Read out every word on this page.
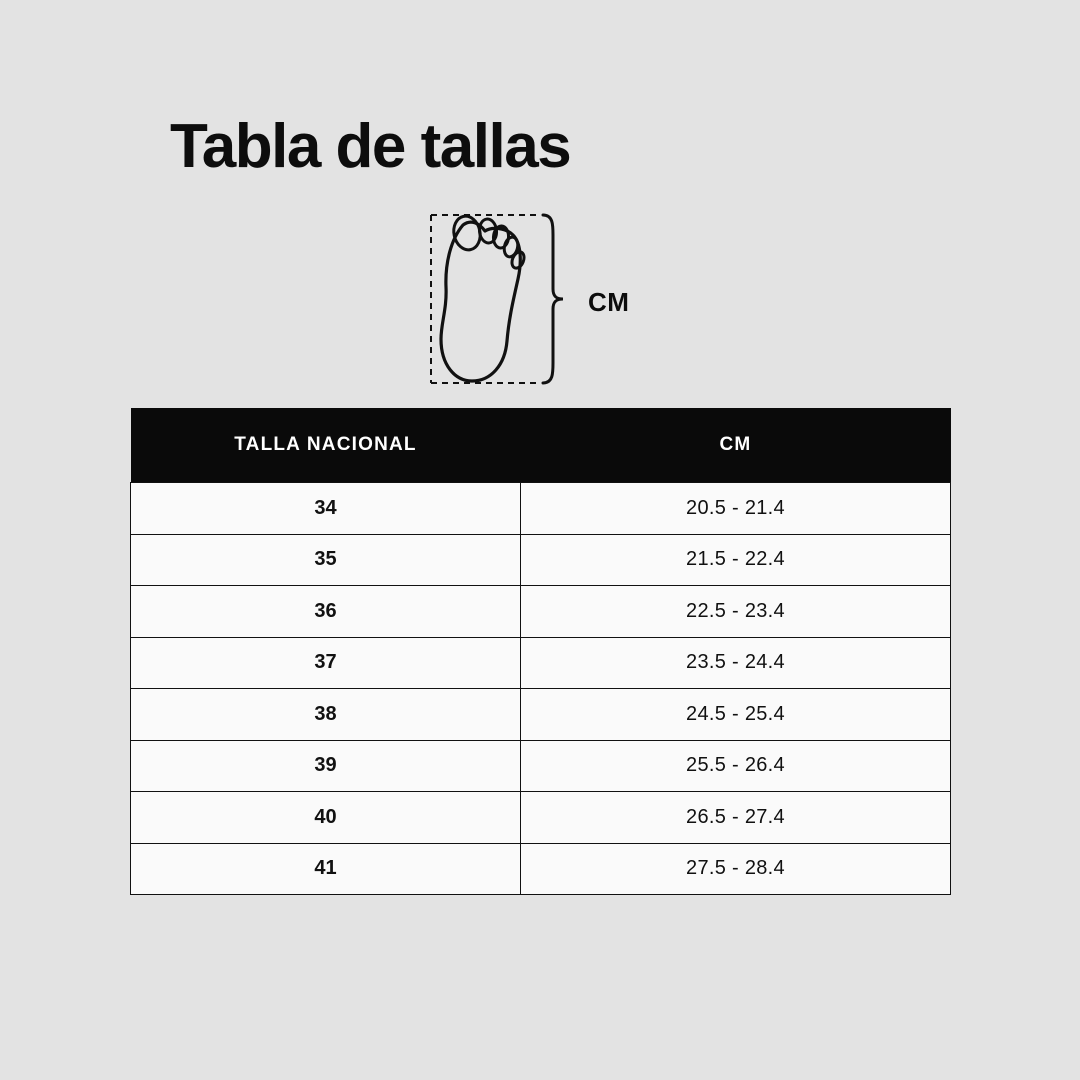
Tabla de tallas
CM
TALLA NACIONAL	CM
34	20.5 - 21.4
35	21.5 - 22.4
36	22.5 - 23.4
37	23.5 - 24.4
38	24.5 - 25.4
39	25.5 - 26.4
40	26.5 - 27.4
41	27.5 - 28.4
